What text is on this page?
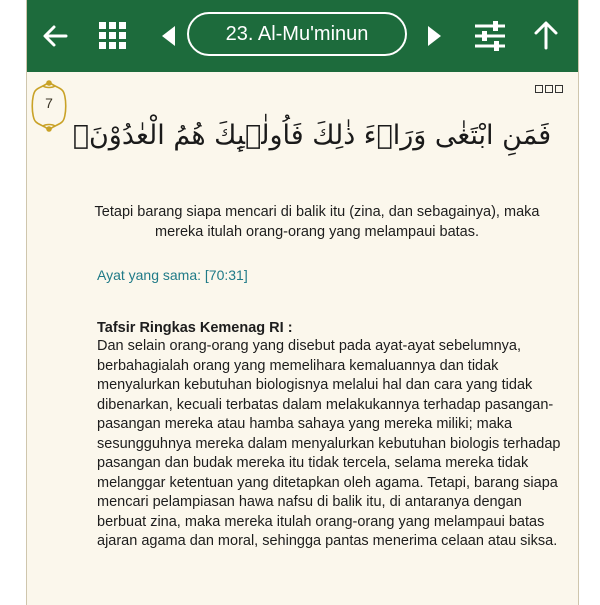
23. Al-Mu'minun
7
فَمَنِ ابْتَغٰى وَرَاۤءَ ذٰلِكَ فَاُولٰۤىِٕكَ هُمُ الْعٰدُوْنَۚ
Tetapi barang siapa mencari di balik itu (zina, dan sebagainya), maka mereka itulah orang-orang yang melampaui batas.
Ayat yang sama: [70:31]
Tafsir Ringkas Kemenag RI :
Dan selain orang-orang yang disebut pada ayat-ayat sebelumnya, berbahagialah orang yang memelihara kemaluannya dan tidak menyalurkan kebutuhan biologisnya melalui hal dan cara yang tidak dibenarkan, kecuali terbatas dalam melakukannya terhadap pasangan-pasangan mereka atau hamba sahaya yang mereka miliki; maka sesungguhnya mereka dalam menyalurkan kebutuhan biologis terhadap pasangan dan budak mereka itu tidak tercela, selama mereka tidak melanggar ketentuan yang ditetapkan oleh agama. Tetapi, barang siapa mencari pelampiasan hawa nafsu di balik itu, di antaranya dengan berbuat zina, maka mereka itulah orang-orang yang melampaui batas ajaran agama dan moral, sehingga pantas menerima celaan atau siksa.
